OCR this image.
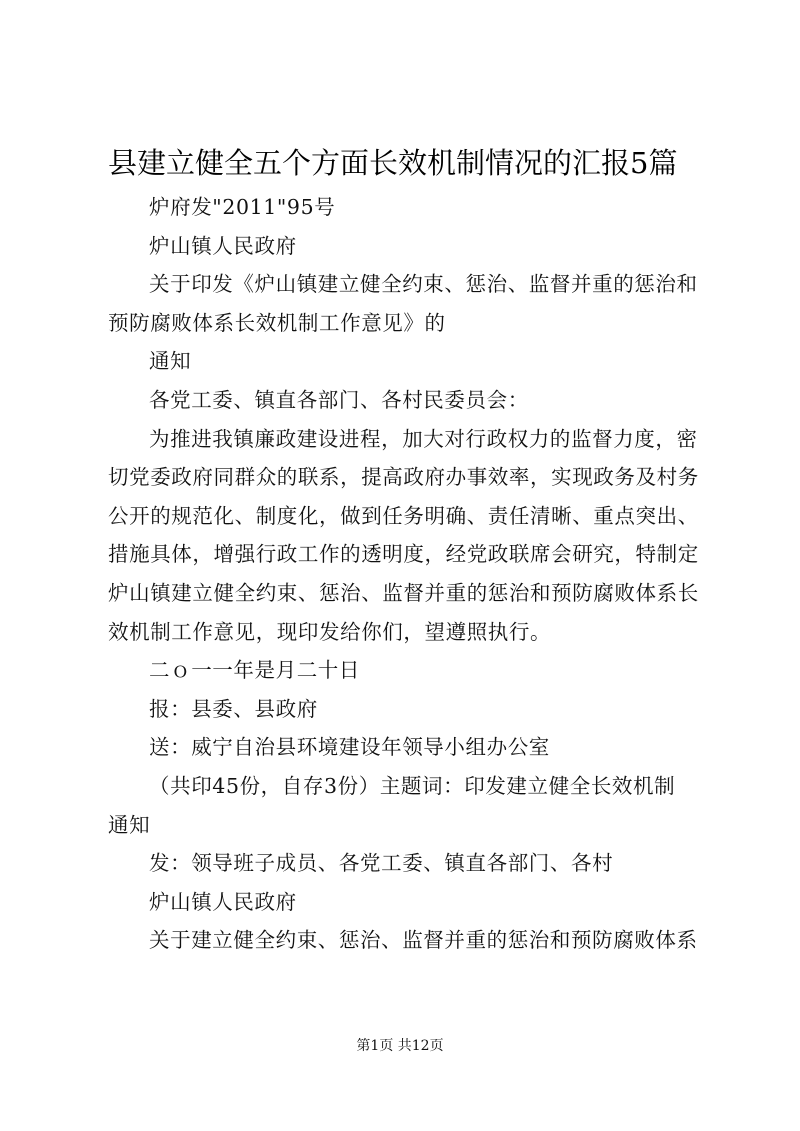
县建立健全五个方面长效机制情况的汇报5篇

炉府发"2011"95号

炉山镇人民政府

关于印发《炉山镇建立健全约束、惩治、监督并重的惩治和

预防腐败体系长效机制工作意见》的

通知

各党工委、镇直各部门、各村民委员会：

为推进我镇廉政建设进程，加大对行政权力的监督力度，密

切党委政府同群众的联系，提高政府办事效率，实现政务及村务

公开的规范化、制度化，做到任务明确、责任清晰、重点突出、

措施具体，增强行政工作的透明度，经党政联席会研究，特制定

炉山镇建立健全约束、惩治、监督并重的惩治和预防腐败体系长

效机制工作意见，现印发给你们，望遵照执行。

二ｏ一一年是月二十日

报：县委、县政府

送：威宁自治县环境建设年领导小组办公室

（共印45份，自存3份）主题词：印发建立健全长效机制

通知

发：领导班子成员、各党工委、镇直各部门、各村

炉山镇人民政府

关于建立健全约束、惩治、监督并重的惩治和预防腐败体系

第1页 共12页
